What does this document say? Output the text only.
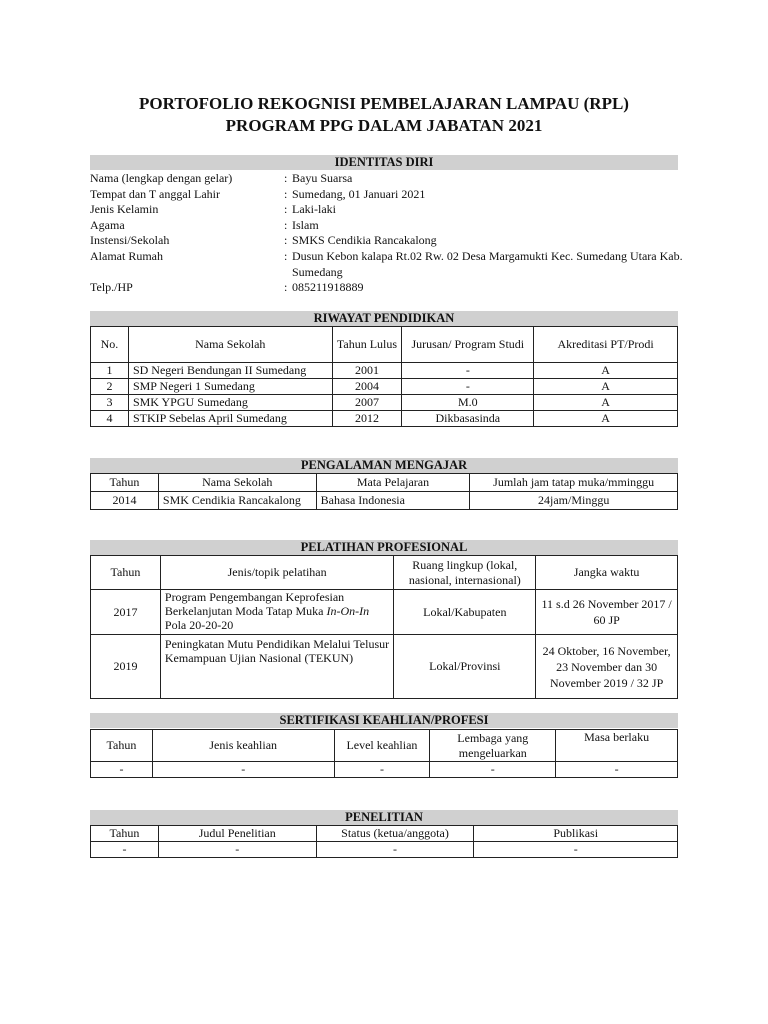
PORTOFOLIO REKOGNISI PEMBELAJARAN LAMPAU (RPL)
PROGRAM PPG DALAM JABATAN 2021
IDENTITAS DIRI
Nama (lengkap dengan gelar)	: Bayu Suarsa
Tempat dan T anggal Lahir	: Sumedang, 01 Januari 2021
Jenis Kelamin	: Laki-laki
Agama	: Islam
Instensi/Sekolah	: SMKS Cendikia Rancakalong
Alamat Rumah	: Dusun Kebon kalapa Rt.02 Rw. 02 Desa Margamukti Kec. Sumedang Utara Kab. Sumedang
Telp./HP	: 085211918889
RIWAYAT PENDIDIKAN
No.	Nama Sekolah	Tahun Lulus	Jurusan/ Program Studi	Akreditasi PT/Prodi
1	SD Negeri Bendungan II Sumedang	2001	-	A
2	SMP Negeri 1 Sumedang	2004	-	A
3	SMK YPGU Sumedang	2007	M.0	A
4	STKIP Sebelas April Sumedang	2012	Dikbasasinda	A
PENGALAMAN MENGAJAR
Tahun	Nama Sekolah	Mata Pelajaran	Jumlah jam tatap muka/mminggu
2014	SMK Cendikia Rancakalong	Bahasa Indonesia	24jam/Minggu
PELATIHAN PROFESIONAL
Tahun	Jenis/topik pelatihan	Ruang lingkup (lokal, nasional, internasional)	Jangka waktu
2017	Program Pengembangan Keprofesian Berkelanjutan Moda Tatap Muka In-On-In Pola 20-20-20	Lokal/Kabupaten	11 s.d 26 November 2017 / 60 JP
2019	Peningkatan Mutu Pendidikan Melalui Telusur Kemampuan Ujian Nasional (TEKUN)	Lokal/Provinsi	24 Oktober, 16 November, 23 November dan 30 November 2019 / 32 JP
SERTIFIKASI KEAHLIAN/PROFESI
Tahun	Jenis keahlian	Level keahlian	Lembaga yang mengeluarkan	Masa berlaku
-	-	-	-	-
PENELITIAN
Tahun	Judul Penelitian	Status (ketua/anggota)	Publikasi
-	-	-	-
